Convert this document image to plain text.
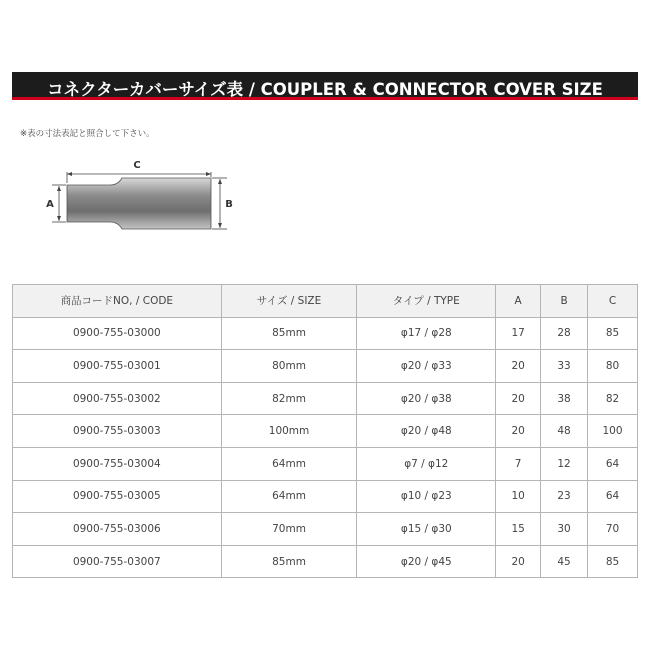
コネクターカバーサイズ表 / COUPLER & CONNECTOR COVER SIZE
※表の寸法表記と照合して下さい。
C
A	B
商品コードNO, / CODE	サイズ / SIZE	タイプ / TYPE	A	B	C
0900-755-03000	85mm	φ17 / φ28	17	28	85
0900-755-03001	80mm	φ20 / φ33	20	33	80
0900-755-03002	82mm	φ20 / φ38	20	38	82
0900-755-03003	100mm	φ20 / φ48	20	48	100
0900-755-03004	64mm	φ7 / φ12	7	12	64
0900-755-03005	64mm	φ10 / φ23	10	23	64
0900-755-03006	70mm	φ15 / φ30	15	30	70
0900-755-03007	85mm	φ20 / φ45	20	45	85
